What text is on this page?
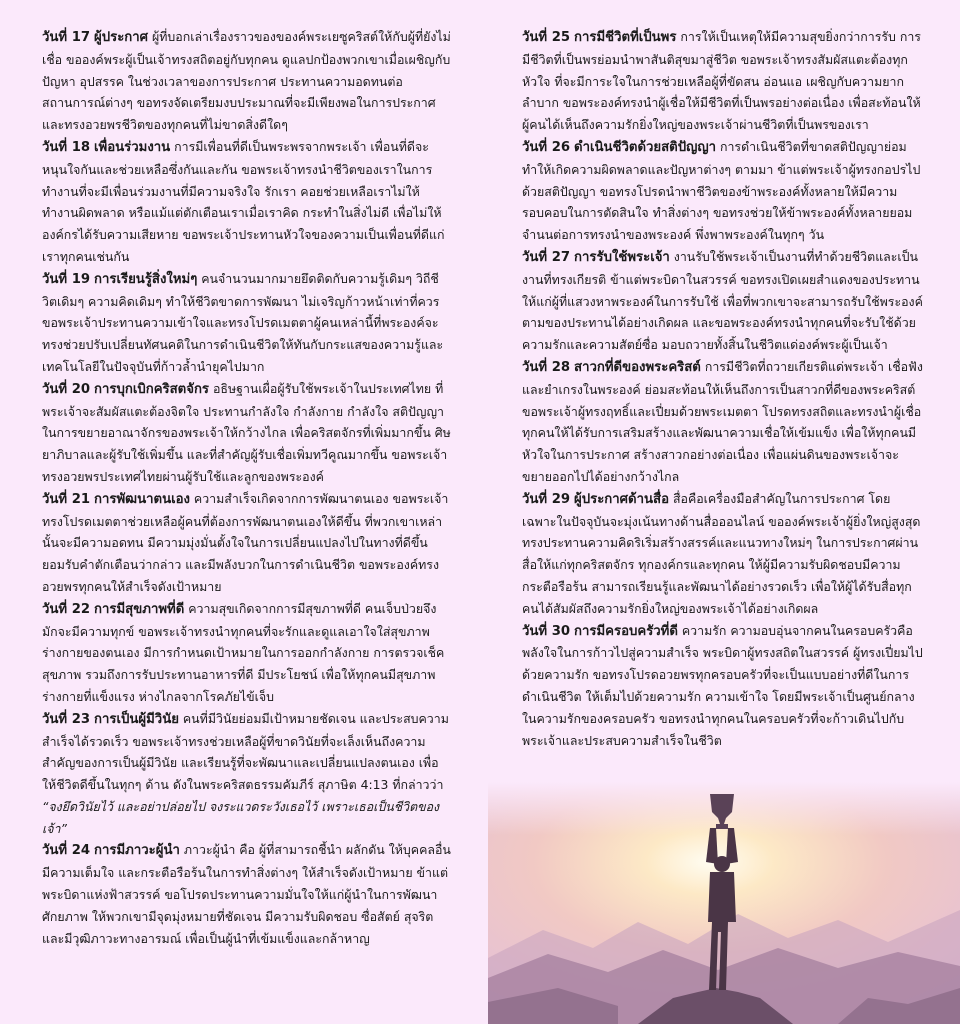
วันที่ 17 ผู้ประกาศ ผู้ที่บอกเล่าเรื่องราวของของค์พระเยซูคริสต์ให้กับผู้ที่ยังไม่เชื่อ ขอองค์พระผู้เป็นเจ้าทรงสถิตอยู่กับทุกคน ดูแลปกป้องพวกเขาเมื่อเผชิญกับปัญหา อุปสรรค ในช่วงเวลาของการประกาศ ประทานความอดทนต่อสถานการณ์ต่างๆ ขอทรงจัดเตรียมงบประมาณที่จะมีเพียงพอในการประกาศ และทรงอวยพรชีวิตของทุกคนที่ไม่ขาดสิ่งดีใดๆ

วันที่ 18 เพื่อนร่วมงาน การมีเพื่อนที่ดีเป็นพระพรจากพระเจ้า เพื่อนที่ดีจะหนุนใจกันและช่วยเหลือซึ่งกันและกัน ขอพระเจ้าทรงนำชีวิตของเราในการทำงานที่จะมีเพื่อนร่วมงานที่มีความจริงใจ รักเรา คอยช่วยเหลือเราไม่ให้ทำงานผิดพลาด หรือแม้แต่ตักเตือนเราเมื่อเราคิด กระทำในสิ่งไม่ดี เพื่อไม่ให้องค์กรได้รับความเสียหาย ขอพระเจ้าประทานหัวใจของความเป็นเพื่อนที่ดีแก่เราทุกคนเช่นกัน

วันที่ 19 การเรียนรู้สิ่งใหม่ๆ คนจำนวนมากมายยึดติดกับความรู้เดิมๆ วิถีชีวิตเดิมๆ ความคิดเดิมๆ ทำให้ชีวิตขาดการพัฒนา ไม่เจริญก้าวหน้าเท่าที่ควร ขอพระเจ้าประทานความเข้าใจและทรงโปรดเมตตาผู้คนเหล่านี้ที่พระองค์จะทรงช่วยปรับเปลี่ยนทัศนคติในการดำเนินชีวิตให้ทันกับกระแสของความรู้และเทคโนโลยีในปัจจุบันที่ก้าวล้ำนำยุคไปมาก

วันที่ 20 การบุกเบิกคริสตจักร อธิษฐานเผื่อผู้รับใช้พระเจ้าในประเทศไทย ที่พระเจ้าจะสัมผัสแตะต้องจิตใจ ประทานกำลังใจ กำลังกาย กำลังใจ สติปัญญาในการขยายอาณาจักรของพระเจ้าให้กว้างไกล เพื่อคริสตจักรที่เพิ่มมากขึ้น ศิษยาภิบาลและผู้รับใช้เพิ่มขึ้น และที่สำคัญผู้รับเชื่อเพิ่มทวีคูณมากขึ้น ขอพระเจ้าทรงอวยพรประเทศไทยผ่านผู้รับใช้และลูกของพระองค์

วันที่ 21 การพัฒนาตนเอง ความสำเร็จเกิดจากการพัฒนาตนเอง ขอพระเจ้าทรงโปรดเมตตาช่วยเหลือผู้คนที่ต้องการพัฒนาตนเองให้ดีขึ้น ที่พวกเขาเหล่านั้นจะมีความอดทน มีความมุ่งมั่นตั้งใจในการเปลี่ยนแปลงไปในทางที่ดีขึ้น ยอมรับคำตักเตือนว่ากล่าว และมีพลังบวกในการดำเนินชีวิต ขอพระองค์ทรงอวยพรทุกคนให้สำเร็จดังเป้าหมาย

วันที่ 22 การมีสุขภาพที่ดี ความสุขเกิดจากการมีสุขภาพที่ดี คนเจ็บป่วยจึงมักจะมีความทุกข์ ขอพระเจ้าทรงนำทุกคนที่จะรักและดูแลเอาใจใส่สุขภาพร่างกายของตนเอง มีการกำหนดเป้าหมายในการออกกำลังกาย การตรวจเช็คสุขภาพ รวมถึงการรับประทานอาหารที่ดี มีประโยชน์ เพื่อให้ทุกคนมีสุขภาพร่างกายที่แข็งแรง ห่างไกลจากโรคภัยไข้เจ็บ

วันที่ 23 การเป็นผู้มีวินัย คนที่มีวินัยย่อมมีเป้าหมายชัดเจน และประสบความสำเร็จได้รวดเร็ว ขอพระเจ้าทรงช่วยเหลือผู้ที่ขาดวินัยที่จะเล็งเห็นถึงความสำคัญของการเป็นผู้มีวินัย และเรียนรู้ที่จะพัฒนาและเปลี่ยนแปลงตนเอง เพื่อให้ชีวิตดีขึ้นในทุกๆ ด้าน ดังในพระคริสตธรรมคัมภีร์ สุภาษิต 4:13 ที่กล่าวว่า “จงยึดวินัยไว้ และอย่าปล่อยไป จงระแวดระวังเธอไว้ เพราะเธอเป็นชีวิตของเจ้า”

วันที่ 24 การมีภาวะผู้นำ ภาวะผู้นำ คือ ผู้ที่สามารถชี้นำ ผลักดัน ให้บุคคลอื่นมีความเต็มใจ และกระตือรือร้นในการทำสิ่งต่างๆ ให้สำเร็จดังเป้าหมาย ข้าแต่พระบิดาแห่งฟ้าสวรรค์ ขอโปรดประทานความมั่นใจให้แก่ผู้นำในการพัฒนาศักยภาพ ให้พวกเขามีจุดมุ่งหมายที่ชัดเจน มีความรับผิดชอบ ซื่อสัตย์ สุจริต และมีวุฒิภาวะทางอารมณ์ เพื่อเป็นผู้นำที่เข้มแข็งและกล้าหาญ

วันที่ 25 การมีชีวิตที่เป็นพร การให้เป็นเหตุให้มีความสุขยิ่งกว่าการรับ การมีชีวิตที่เป็นพรย่อมนำพาสันติสุขมาสู่ชีวิต ขอพระเจ้าทรงสัมผัสแตะต้องทุกหัวใจ ที่จะมีการะใจในการช่วยเหลือผู้ที่ขัดสน อ่อนแอ เผชิญกับความยากลำบาก ขอพระองค์ทรงนำผู้เชื่อให้มีชีวิตที่เป็นพรอย่างต่อเนื่อง เพื่อสะท้อนให้ผู้คนได้เห็นถึงความรักยิ่งใหญ่ของพระเจ้าผ่านชีวิตที่เป็นพรของเรา

วันที่ 26 ดำเนินชีวิตด้วยสติปัญญา การดำเนินชีวิตที่ขาดสติปัญญาย่อมทำให้เกิดความผิดพลาดและปัญหาต่างๆ ตามมา ข้าแต่พระเจ้าผู้ทรงกอปรไปด้วยสติปัญญา ขอทรงโปรดนำพาชีวิตของข้าพระองค์ทั้งหลายให้มีความรอบคอบในการตัดสินใจ ทำสิ่งต่างๆ ขอทรงช่วยให้ข้าพระองค์ทั้งหลายยอมจำนนต่อการทรงนำของพระองค์ พึ่งพาพระองค์ในทุกๆ วัน

วันที่ 27 การรับใช้พระเจ้า งานรับใช้พระเจ้าเป็นงานที่ทำด้วยชีวิตและเป็นงานที่ทรงเกียรติ ข้าแต่พระบิดาในสวรรค์ ขอทรงเปิดเผยสำแดงของประทานให้แก่ผู้ที่แสวงหาพระองค์ในการรับใช้ เพื่อที่พวกเขาจะสามารถรับใช้พระองค์ตามของประทานได้อย่างเกิดผล และขอพระองค์ทรงนำทุกคนที่จะรับใช้ด้วยความรักและความสัตย์ซื่อ มอบถวายทั้งสิ้นในชีวิตแด่องค์พระผู้เป็นเจ้า

วันที่ 28 สาวกที่ดีของพระคริสต์ การมีชีวิตที่ถวายเกียรติแด่พระเจ้า เชื่อฟังและยำเกรงในพระองค์ ย่อมสะท้อนให้เห็นถึงการเป็นสาวกที่ดีของพระคริสต์ ขอพระเจ้าผู้ทรงฤทธิ์และเปี่ยมด้วยพระเมตตา โปรดทรงสถิตและทรงนำผู้เชื่อทุกคนให้ได้รับการเสริมสร้างและพัฒนาความเชื่อให้เข้มแข็ง เพื่อให้ทุกคนมีหัวใจในการประกาศ สร้างสาวกอย่างต่อเนื่อง เพื่อแผ่นดินของพระเจ้าจะขยายออกไปได้อย่างกว้างไกล

วันที่ 29 ผู้ประกาศด้านสื่อ สื่อคือเครื่องมือสำคัญในการประกาศ โดยเฉพาะในปัจจุบันจะมุ่งเน้นทางด้านสื่อออนไลน์ ขอองค์พระเจ้าผู้ยิ่งใหญ่สูงสุดทรงประทานความคิดริเริ่มสร้างสรรค์และแนวทางใหม่ๆ ในการประกาศผ่านสื่อให้แก่ทุกคริสตจักร ทุกองค์กรและทุกคน ให้ผู้มีความรับผิดชอบมีความกระตือรือร้น สามารถเรียนรู้และพัฒนาได้อย่างรวดเร็ว เพื่อให้ผู้ได้รับสื่อทุกคนได้สัมผัสถึงความรักยิ่งใหญ่ของพระเจ้าได้อย่างเกิดผล

วันที่ 30 การมีครอบครัวที่ดี ความรัก ความอบอุ่นจากคนในครอบครัวคือพลังใจในการก้าวไปสู่ความสำเร็จ พระบิดาผู้ทรงสถิตในสวรรค์ ผู้ทรงเปี่ยมไปด้วยความรัก ขอทรงโปรดอวยพรทุกครอบครัวที่จะเป็นแบบอย่างที่ดีในการดำเนินชีวิต ให้เต็มไปด้วยความรัก ความเข้าใจ โดยมีพระเจ้าเป็นศูนย์กลางในความรักของครอบครัว ขอทรงนำทุกคนในครอบครัวที่จะก้าวเดินไปกับพระเจ้าและประสบความสำเร็จในชีวิต
